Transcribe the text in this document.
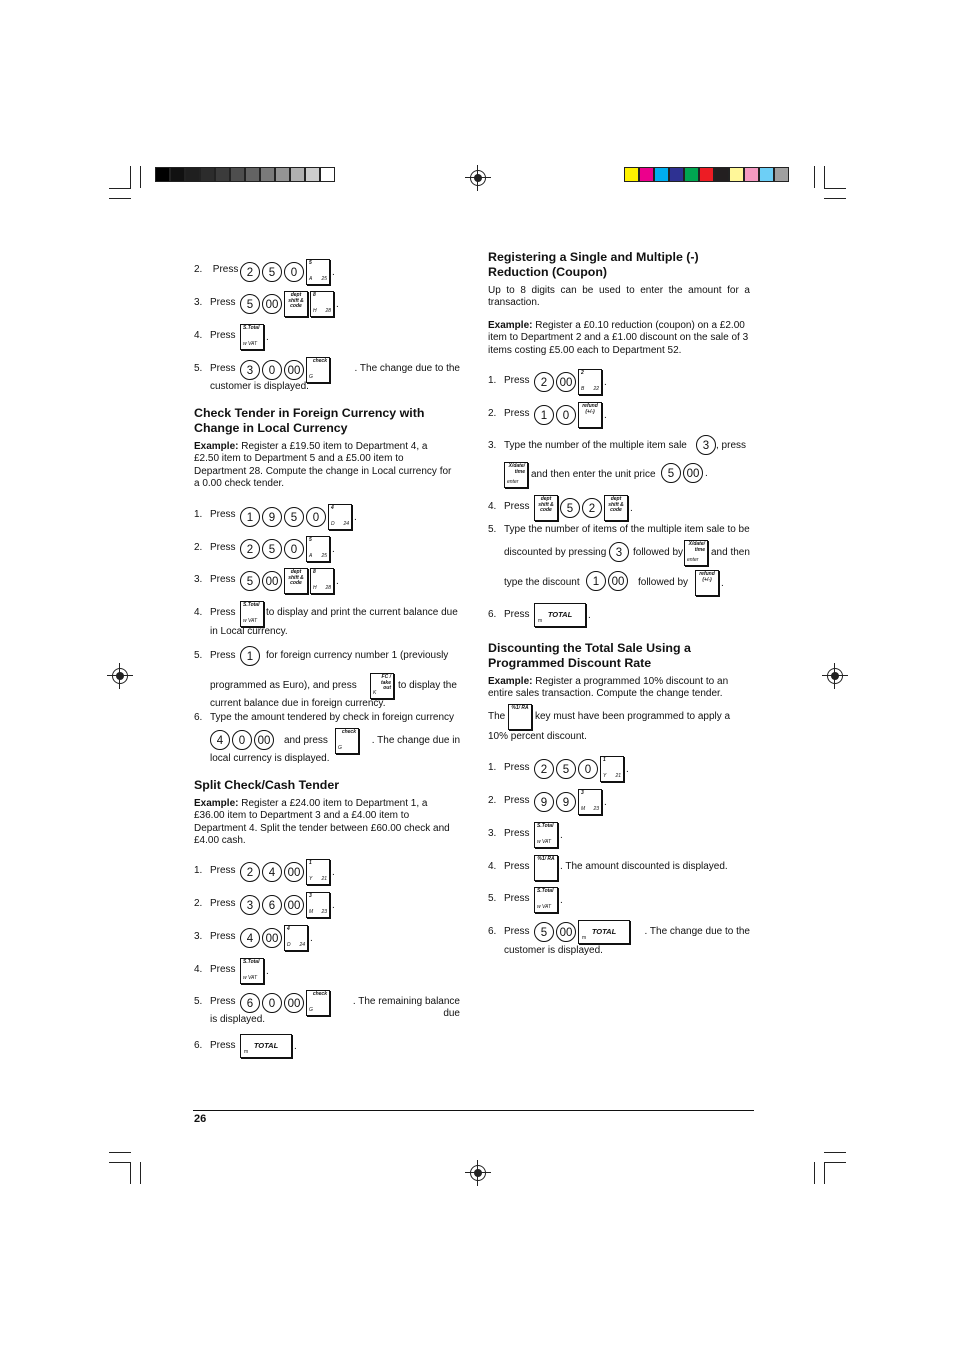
2. Press 2	5	0
5
A 25
.
3. Press 5	00
dept shift & code
8
H 28
.
4. Press
S.Total
w VAT
.
5. Press 3	0	00
check
G
. The change due to the
customer is displayed.
Check Tender in Foreign Currency with Change in Local Currency

Example: Register a £19.50 item to Department 4, a £2.50 item to Department 5 and a £5.00 item to Department 28. Compute the change in Local currency for a 0.00 check tender.

1. Press 1	9	5	0
4
D 24
.
2. Press 2	5	0
5
A 25
.
3. Press 5	00
dept shift & code
8
H 28
.
4. Press
S.Total
w VAT
to display and print the current balance due
in Local currency.
5. Press 1	for foreign currency number 1 (previously
programmed as Euro), and press
FC / take out
K
to display the
current balance due in foreign currency.
6. Type the amount tendered by check in foreign currency
4	0	00	and press
check
G
. The change due in
local currency is displayed.
Split Check/Cash Tender

Example: Register a £24.00 item to Department 1, a £36.00 item to Department 3 and a £4.00 item to Department 4. Split the tender between £60.00 check and £4.00 cash.

1. Press 2	4	00
1
Y 21
.
2. Press 3	6	00
3
M 23
.
3. Press 4	00
4
D 24
.
4. Press
S.Total
w VAT
.
5. Press 6	0	00
check
G
. The remaining balance due
is displayed.
6. Press	TOTAL
m
.
Registering a Single and Multiple (-) Reduction (Coupon)

Up to 8 digits can be used to enter the amount for a transaction.

Example: Register a £0.10 reduction (coupon) on a £2.00 item to Department 2 and a £1.00 discount on the sale of 3 items costing £5.00 each to Department 52.

1. Press 2	00
2
B 22
.
2. Press 1	0
refund (+/-) .
3. Type the number of the multiple item sale	3 , press
X/date/ time
enter
and then enter the unit price	5	00 .
4. Press
dept shift & code	5	2
dept shift & code .
5. Type the number of items of the multiple item sale to be
discounted by pressing 3	followed by
X/date/ time
enter
and then
type the discount	1	00	followed by
refund (+/-) .
6. Press	TOTAL
m
.
Discounting the Total Sale Using a Programmed Discount Rate

Example: Register a programmed 10% discount to an entire sales transaction. Compute the change tender.

The
%1/ RA
key must have been programmed to apply a
10% percent discount.
1. Press 2	5	0
1
Y 21
.
2. Press 9	9
3
M 23
.
3. Press
S.Total
w VAT
.
4. Press
%1/ RA
. The amount discounted is displayed.
5. Press
S.Total
w VAT
.
6. Press 5	00	TOTAL
m
. The change due to the
customer is displayed.
26
